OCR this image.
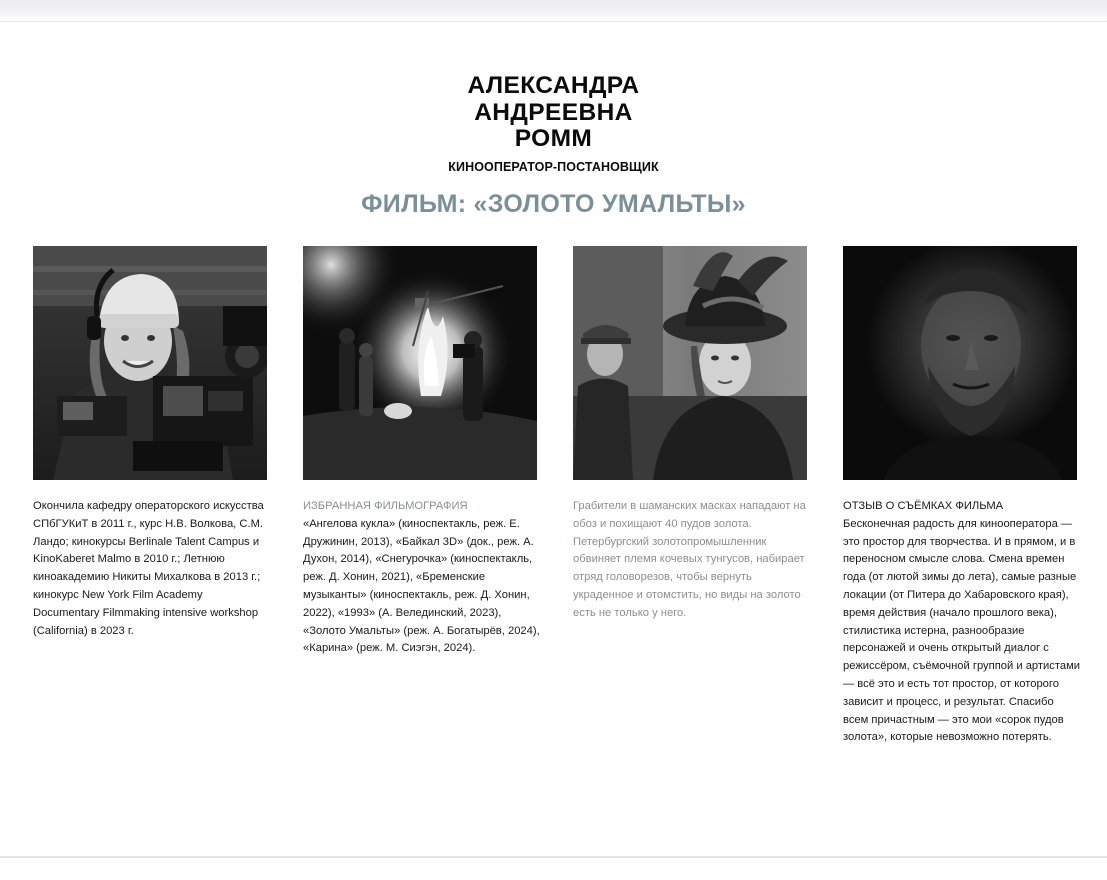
АЛЕКСАНДРА
АНДРЕЕВНА
РОММ
КИНООПЕРАТОР-ПОСТАНОВЩИК
ФИЛЬМ: «ЗОЛОТО УМАЛЬТЫ»
Окончила кафедру операторского искусства СПбГУКиТ в 2011 г., курс Н.В. Волкова, С.М. Ландо; кинокурсы Berlinale Talent Campus и KinoKaberet Malmo в 2010 г.; Летнюю киноакадемию Никиты Михалкова в 2013 г.; кинокурс New York Film Academy Documentary Filmmaking intensive workshop (California) в 2023 г.
ИЗБРАННАЯ ФИЛЬМОГРАФИЯ
«Ангелова кукла» (киноспектакль, реж. Е. Дружинин, 2013), «Байкал 3D» (док., реж. А. Духон, 2014), «Снегурочка» (киноспектакль, реж. Д. Хонин, 2021), «Бременские музыканты» (киноспектакль, реж. Д. Хонин, 2022), «1993» (А. Велединский, 2023), «Золото Умальты» (реж. А. Богатырёв, 2024), «Карина» (реж. М. Сиэгэн, 2024).
Грабители в шаманских масках нападают на обоз и похищают 40 пудов золота. Петербургский золотопромышленник обвиняет племя кочевых тунгусов, набирает отряд головорезов, чтобы вернуть украденное и отомстить, но виды на золото есть не только у него.
ОТЗЫВ О СЪЁМКАХ ФИЛЬМА
Бесконечная радость для кинооператора — это простор для творчества. И в прямом, и в переносном смысле слова. Смена времен года (от лютой зимы до лета), самые разные локации (от Питера до Хабаровского края), время действия (начало прошлого века), стилистика истерна, разнообразие персонажей и очень открытый диалог с режиссёром, съёмочной группой и артистами — всё это и есть тот простор, от которого зависит и процесс, и результат. Спасибо всем причастным — это мои «сорок пудов золота», которые невозможно потерять.
